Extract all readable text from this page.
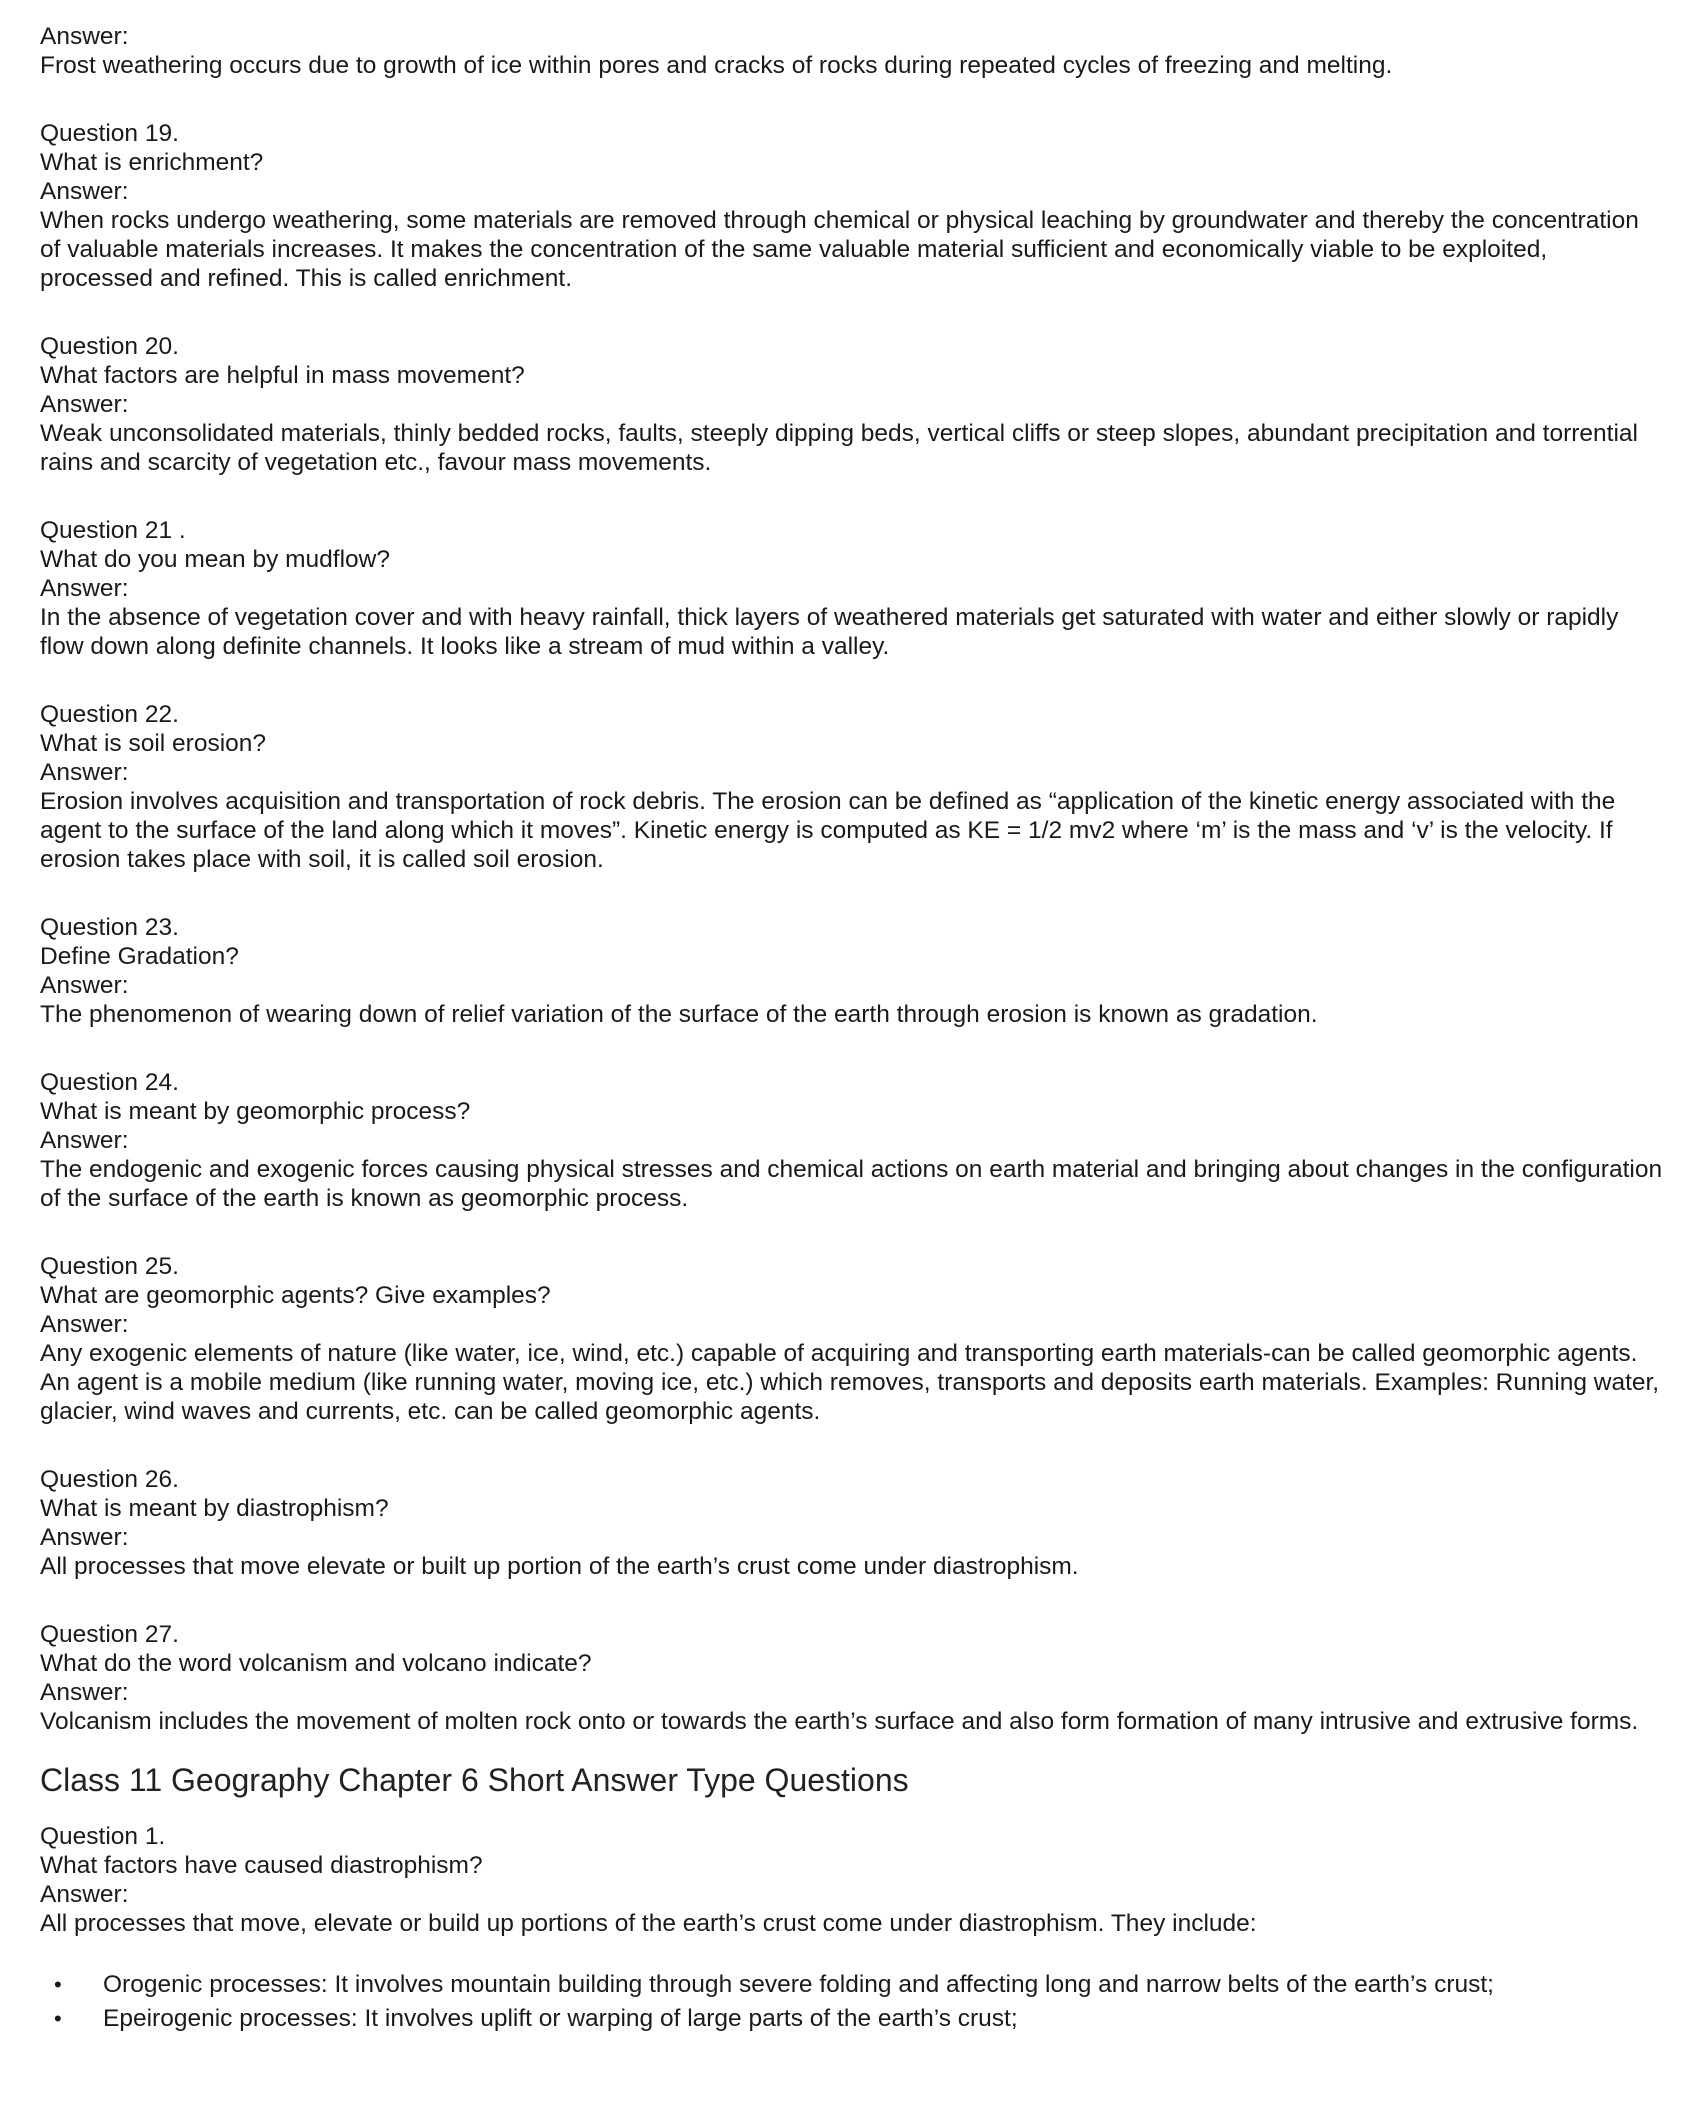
Answer:
Frost weathering occurs due to growth of ice within pores and cracks of rocks during repeated cycles of freezing and melting.
Question 19.
What is enrichment?
Answer:
When rocks undergo weathering, some materials are removed through chemical or physical leaching by groundwater and thereby the concentration of valuable materials increases. It makes the concentration of the same valuable material sufficient and economically viable to be exploited, processed and refined. This is called enrichment.
Question 20.
What factors are helpful in mass movement?
Answer:
Weak unconsolidated materials, thinly bedded rocks, faults, steeply dipping beds, vertical cliffs or steep slopes, abundant precipitation and torrential rains and scarcity of vegetation etc., favour mass movements.
Question 21 .
What do you mean by mudflow?
Answer:
In the absence of vegetation cover and with heavy rainfall, thick layers of weathered materials get saturated with water and either slowly or rapidly flow down along definite channels. It looks like a stream of mud within a valley.
Question 22.
What is soil erosion?
Answer:
Erosion involves acquisition and transportation of rock debris. The erosion can be defined as “application of the kinetic energy associated with the agent to the surface of the land along which it moves”. Kinetic energy is computed as KE = 1/2 mv2 where ‘m’ is the mass and ‘v’ is the velocity. If erosion takes place with soil, it is called soil erosion.
Question 23.
Define Gradation?
Answer:
The phenomenon of wearing down of relief variation of the surface of the earth through erosion is known as gradation.
Question 24.
What is meant by geomorphic process?
Answer:
The endogenic and exogenic forces causing physical stresses and chemical actions on earth material and bringing about changes in the configuration of the surface of the earth is known as geomorphic process.
Question 25.
What are geomorphic agents? Give examples?
Answer:
Any exogenic elements of nature (like water, ice, wind, etc.) capable of acquiring and transporting earth materials-can be called geomorphic agents. An agent is a mobile medium (like running water, moving ice, etc.) which removes, transports and deposits earth materials. Examples: Running water, glacier, wind waves and currents, etc. can be called geomorphic agents.
Question 26.
What is meant by diastrophism?
Answer:
All processes that move elevate or built up portion of the earth’s crust come under diastrophism.
Question 27.
What do the word volcanism and volcano indicate?
Answer:
Volcanism includes the movement of molten rock onto or towards the earth’s surface and also form formation of many intrusive and extrusive forms.
Class 11 Geography Chapter 6 Short Answer Type Questions
Question 1.
What factors have caused diastrophism?
Answer:
All processes that move, elevate or build up portions of the earth’s crust come under diastrophism. They include:
• Orogenic processes: It involves mountain building through severe folding and affecting long and narrow belts of the earth’s crust;
• Epeirogenic processes: It involves uplift or warping of large parts of the earth’s crust;
